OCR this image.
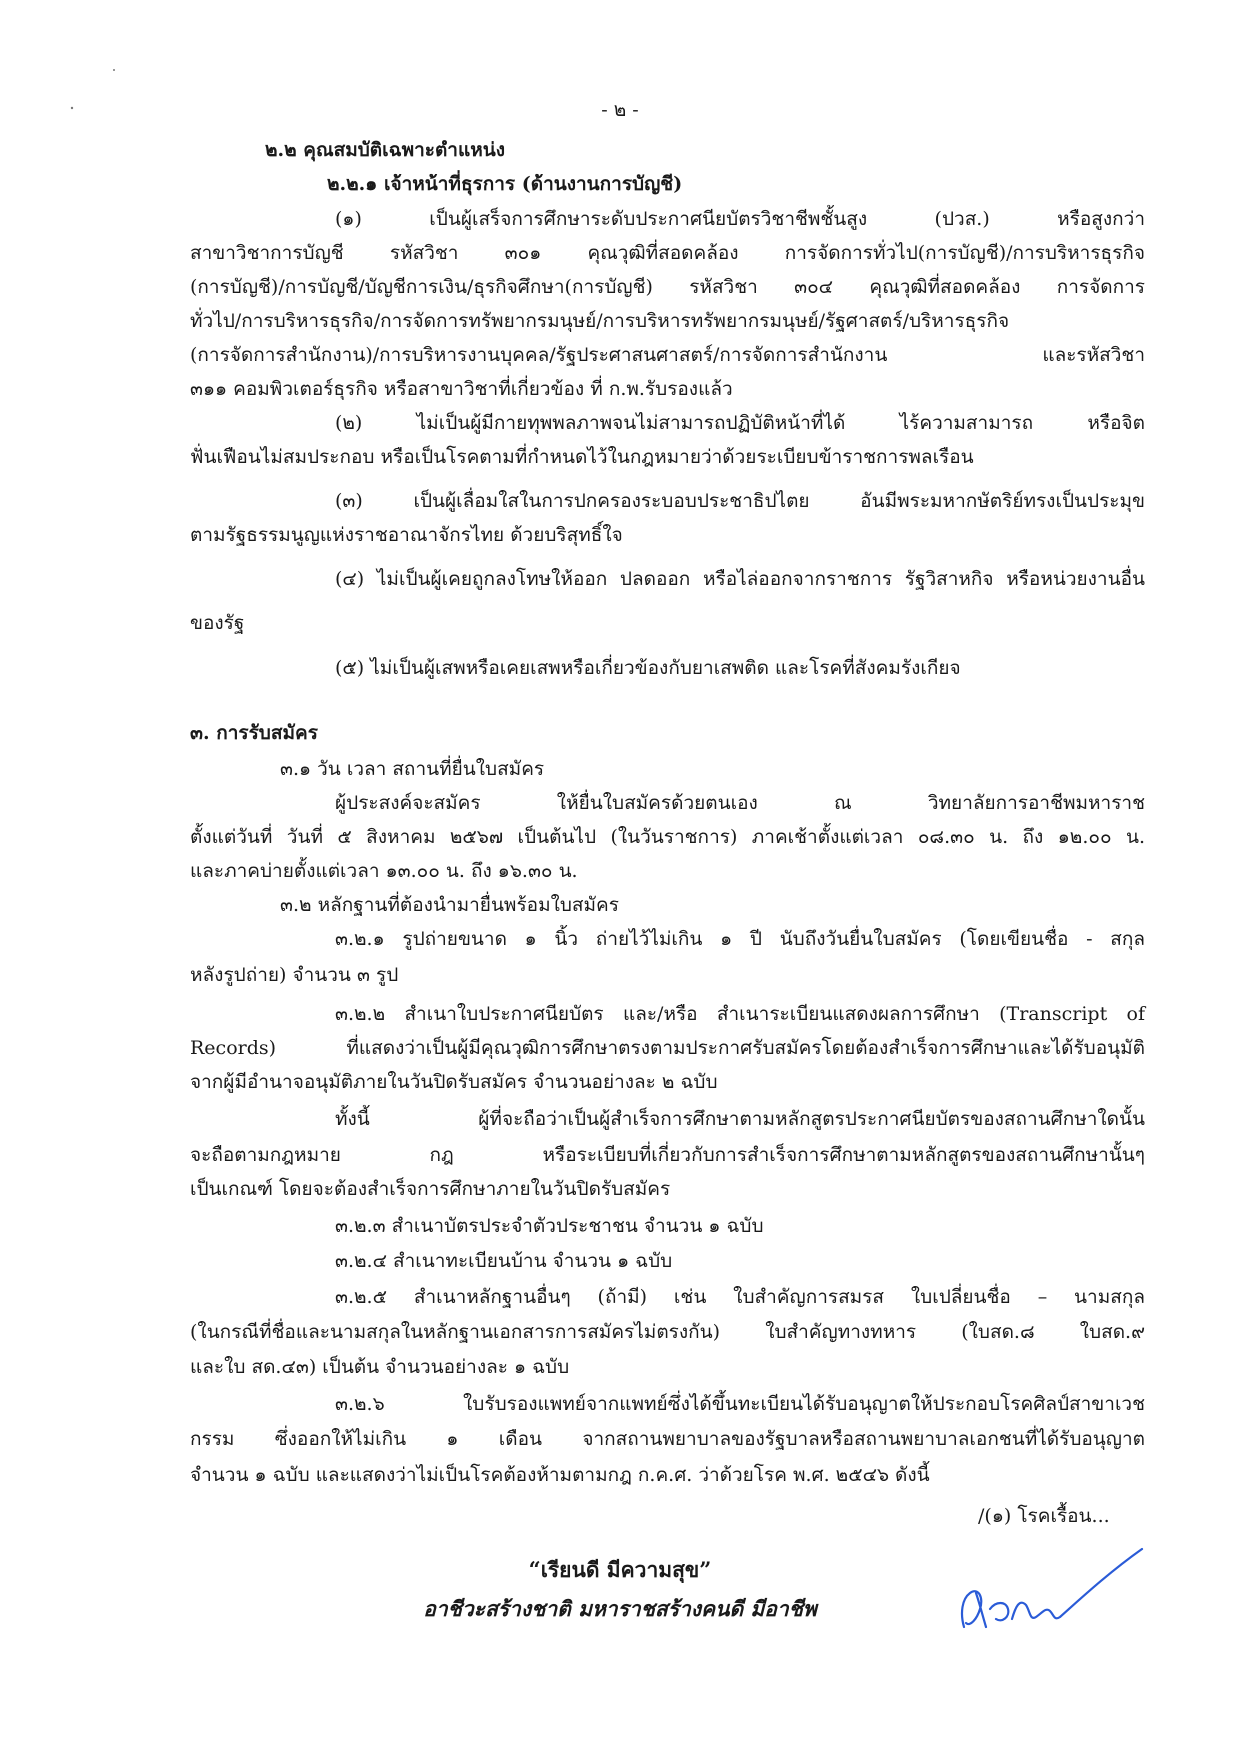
- ๒ -
๒.๒ คุณสมบัติเฉพาะตำแหน่ง
๒.๒.๑ เจ้าหน้าที่ธุรการ (ด้านงานการบัญชี)
(๑) เป็นผู้เสร็จการศึกษาระดับประกาศนียบัตรวิชาชีพชั้นสูง (ปวส.) หรือสูงกว่า
สาขาวิชาการบัญชี รหัสวิชา ๓๐๑ คุณวุฒิที่สอดคล้อง การจัดการทั่วไป(การบัญชี)/การบริหารธุรกิจ
(การบัญชี)/การบัญชี/บัญชีการเงิน/ธุรกิจศึกษา(การบัญชี) รหัสวิชา ๓๐๔ คุณวุฒิที่สอดคล้อง การจัดการ
ทั่วไป/การบริหารธุรกิจ/การจัดการทรัพยากรมนุษย์/การบริหารทรัพยากรมนุษย์/รัฐศาสตร์/บริหารธุรกิจ
(การจัดการสำนักงาน)/การบริหารงานบุคคล/รัฐประศาสนศาสตร์/การจัดการสำนักงาน และรหัสวิชา
๓๑๑ คอมพิวเตอร์ธุรกิจ หรือสาขาวิชาที่เกี่ยวข้อง ที่ ก.พ.รับรองแล้ว
(๒) ไม่เป็นผู้มีกายทุพพลภาพจนไม่สามารถปฏิบัติหน้าที่ได้ ไร้ความสามารถ หรือจิต
ฟั่นเฟือนไม่สมประกอบ หรือเป็นโรคตามที่กำหนดไว้ในกฎหมายว่าด้วยระเบียบข้าราชการพลเรือน
(๓) เป็นผู้เลื่อมใสในการปกครองระบอบประชาธิปไตย อันมีพระมหากษัตริย์ทรงเป็นประมุข
ตามรัฐธรรมนูญแห่งราชอาณาจักรไทย ด้วยบริสุทธิ์ใจ
(๔) ไม่เป็นผู้เคยถูกลงโทษให้ออก ปลดออก หรือไล่ออกจากราชการ รัฐวิสาหกิจ หรือหน่วยงานอื่น
ของรัฐ
(๕) ไม่เป็นผู้เสพหรือเคยเสพหรือเกี่ยวข้องกับยาเสพติด และโรคที่สังคมรังเกียจ
๓. การรับสมัคร
๓.๑ วัน เวลา สถานที่ยื่นใบสมัคร
ผู้ประสงค์จะสมัคร ให้ยื่นใบสมัครด้วยตนเอง ณ วิทยาลัยการอาชีพมหาราช
ตั้งแต่วันที่ วันที่ ๕ สิงหาคม ๒๕๖๗ เป็นต้นไป (ในวันราชการ) ภาคเช้าตั้งแต่เวลา ๐๘.๓๐ น. ถึง ๑๒.๐๐ น.
และภาคบ่ายตั้งแต่เวลา ๑๓.๐๐ น. ถึง ๑๖.๓๐ น.
๓.๒ หลักฐานที่ต้องนำมายื่นพร้อมใบสมัคร
๓.๒.๑ รูปถ่ายขนาด ๑ นิ้ว ถ่ายไว้ไม่เกิน ๑ ปี นับถึงวันยื่นใบสมัคร (โดยเขียนชื่อ - สกุล
หลังรูปถ่าย) จำนวน ๓ รูป
๓.๒.๒ สำเนาใบประกาศนียบัตร และ/หรือ สำเนาระเบียนแสดงผลการศึกษา (Transcript of
Records) ที่แสดงว่าเป็นผู้มีคุณวุฒิการศึกษาตรงตามประกาศรับสมัครโดยต้องสำเร็จการศึกษาและได้รับอนุมัติ
จากผู้มีอำนาจอนุมัติภายในวันปิดรับสมัคร จำนวนอย่างละ ๒ ฉบับ
ทั้งนี้ ผู้ที่จะถือว่าเป็นผู้สำเร็จการศึกษาตามหลักสูตรประกาศนียบัตรของสถานศึกษาใดนั้น
จะถือตามกฎหมาย กฎ หรือระเบียบที่เกี่ยวกับการสำเร็จการศึกษาตามหลักสูตรของสถานศึกษานั้นๆ
เป็นเกณฑ์ โดยจะต้องสำเร็จการศึกษาภายในวันปิดรับสมัคร
๓.๒.๓ สำเนาบัตรประจำตัวประชาชน จำนวน ๑ ฉบับ
๓.๒.๔ สำเนาทะเบียนบ้าน จำนวน ๑ ฉบับ
๓.๒.๕ สำเนาหลักฐานอื่นๆ (ถ้ามี) เช่น ใบสำคัญการสมรส ใบเปลี่ยนชื่อ – นามสกุล
(ในกรณีที่ชื่อและนามสกุลในหลักฐานเอกสารการสมัครไม่ตรงกัน) ใบสำคัญทางทหาร (ใบสด.๘ ใบสด.๙
และใบ สด.๔๓) เป็นต้น จำนวนอย่างละ ๑ ฉบับ
๓.๒.๖ ใบรับรองแพทย์จากแพทย์ซึ่งได้ขึ้นทะเบียนได้รับอนุญาตให้ประกอบโรคศิลป์สาขาเวช
กรรม ซึ่งออกให้ไม่เกิน ๑ เดือน จากสถานพยาบาลของรัฐบาลหรือสถานพยาบาลเอกชนที่ได้รับอนุญาต
จำนวน ๑ ฉบับ และแสดงว่าไม่เป็นโรคต้องห้ามตามกฎ ก.ค.ศ. ว่าด้วยโรค พ.ศ. ๒๕๔๖ ดังนี้
/(๑) โรคเรื้อน...
“เรียนดี มีความสุข”
อาชีวะสร้างชาติ มหาราชสร้างคนดี มีอาชีพ
